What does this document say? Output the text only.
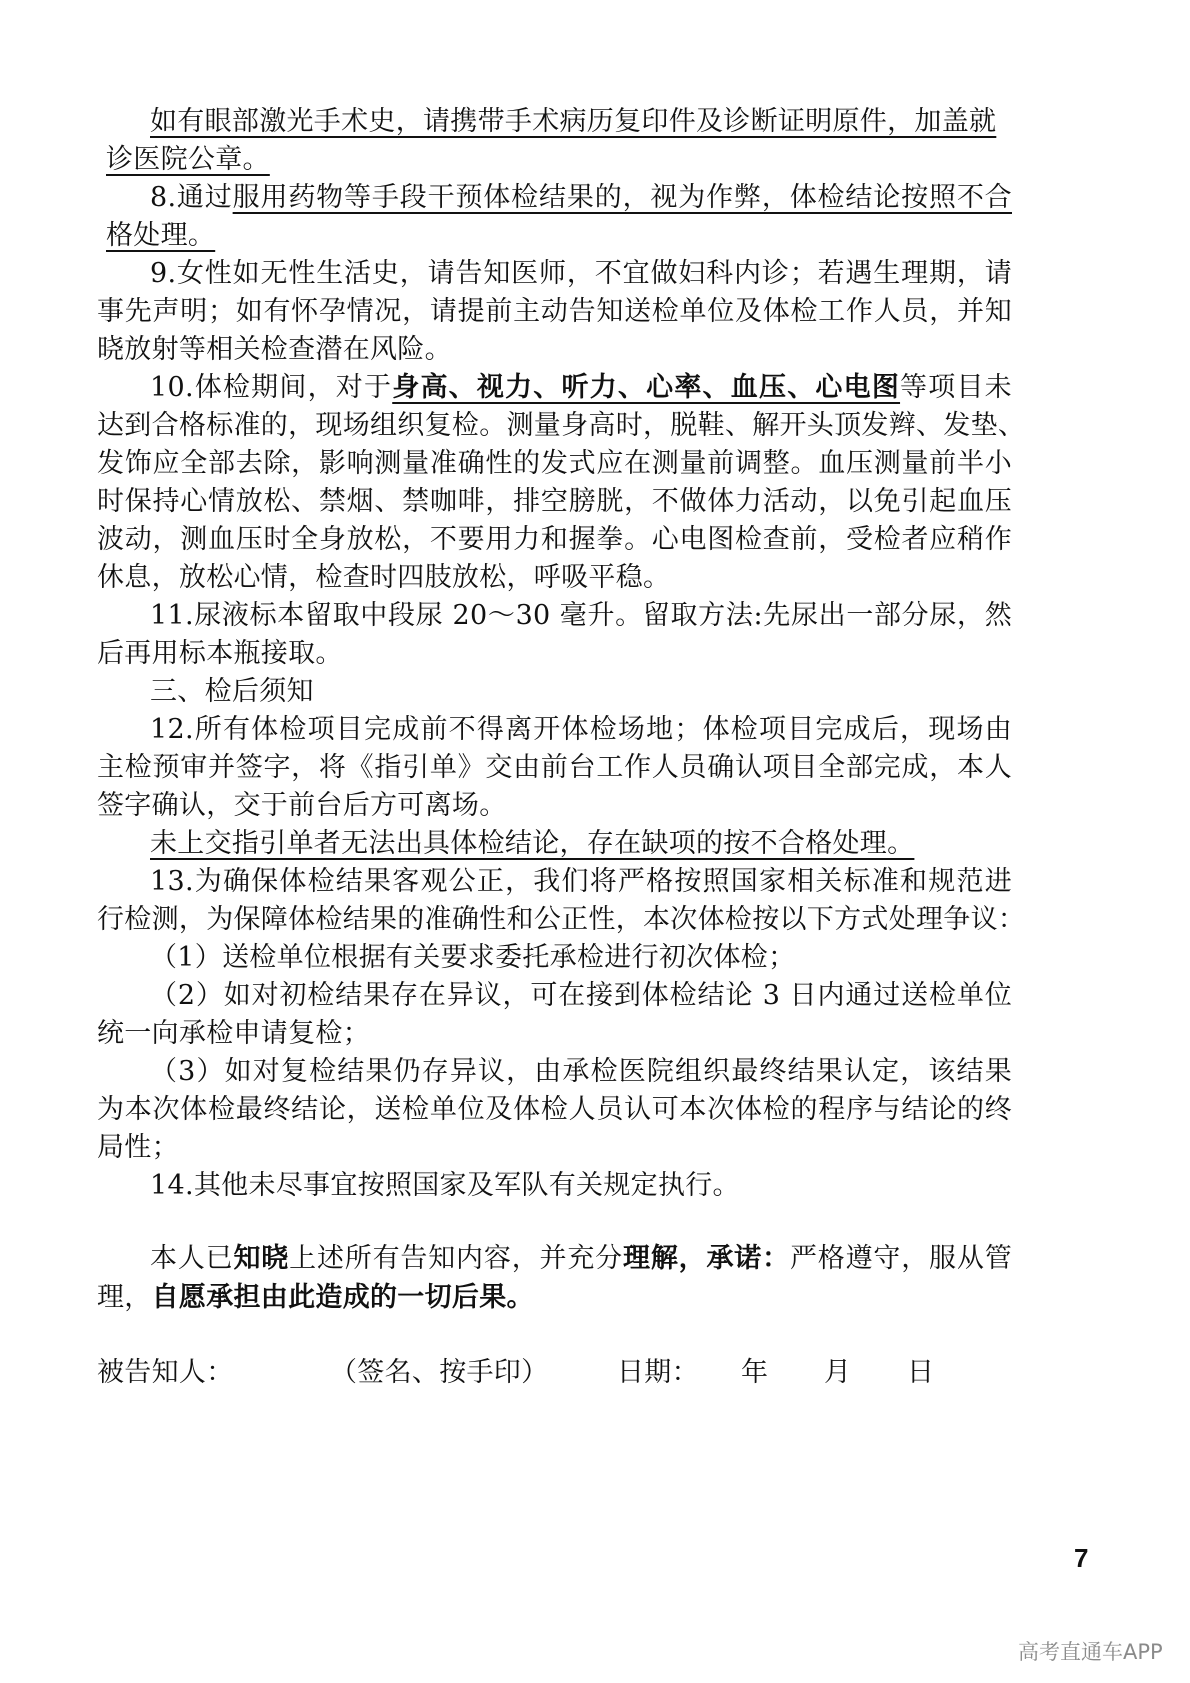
如有眼部激光手术史，请携带手术病历复印件及诊断证明原件，加盖就

诊医院公章。

8.通过服用药物等手段干预体检结果的，视为作弊，体检结论按照不合

格处理。

9.女性如无性生活史，请告知医师，不宜做妇科内诊；若遇生理期，请

事先声明；如有怀孕情况，请提前主动告知送检单位及体检工作人员，并知

晓放射等相关检查潜在风险。

10.体检期间，对于身高、视力、听力、心率、血压、心电图等项目未

达到合格标准的，现场组织复检。测量身高时，脱鞋、解开头顶发辫、发垫、

发饰应全部去除，影响测量准确性的发式应在测量前调整。血压测量前半小

时保持心情放松、禁烟、禁咖啡，排空膀胱，不做体力活动，以免引起血压

波动，测血压时全身放松，不要用力和握拳。心电图检查前，受检者应稍作

休息，放松心情，检查时四肢放松，呼吸平稳。

11.尿液标本留取中段尿 20～30 毫升。留取方法:先尿出一部分尿，然

后再用标本瓶接取。

三、检后须知

12.所有体检项目完成前不得离开体检场地；体检项目完成后，现场由

主检预审并签字，将《指引单》交由前台工作人员确认项目全部完成，本人

签字确认，交于前台后方可离场。

未上交指引单者无法出具体检结论，存在缺项的按不合格处理。

13.为确保体检结果客观公正，我们将严格按照国家相关标准和规范进

行检测，为保障体检结果的准确性和公正性，本次体检按以下方式处理争议：

（1）送检单位根据有关要求委托承检进行初次体检；

（2）如对初检结果存在异议，可在接到体检结论 3 日内通过送检单位

统一向承检申请复检；

（3）如对复检结果仍存异议，由承检医院组织最终结果认定，该结果

为本次体检最终结论，送检单位及体检人员认可本次体检的程序与结论的终

局性；

14.其他未尽事宜按照国家及军队有关规定执行。

本人已知晓上述所有告知内容，并充分理解，承诺：严格遵守，服从管

理，自愿承担由此造成的一切后果。

被告知人：	（签名、按手印）	日期： 年 月 日
7
高考直通车APP
